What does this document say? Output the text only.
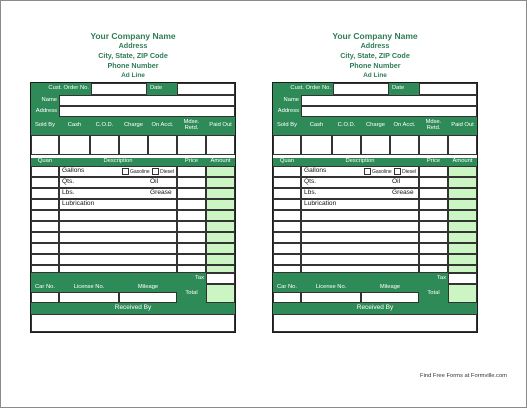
Your Company Name
Address
City, State, ZIP Code
Phone Number
Ad Line
Your Company Name
Address
City, State, ZIP Code
Phone Number
Ad Line
Cust. Order No.	Date
Name
Address
Sold By	Cash	C.O.D.	Charge	On Acct.	Mdse. Retd.	Paid Out
Quan	Description	Price	Amount
Gallons	Gasoline Diesel
Qts.	Oil
Lbs.	Grease
Lubrication
Tax
Car No.	License No.	Mileage
Total
Received By
Cust. Order No.	Date
Name
Address
Sold By	Cash	C.O.D.	Charge	On Acct.	Mdse. Retd.	Paid Out
Quan	Description	Price	Amount
Gallons	Gasoline Diesel
Qts.	Oil
Lbs.	Grease
Lubrication
Tax
Car No.	License No.	Mileage
Total
Received By
Find Free Forms at Formville.com
